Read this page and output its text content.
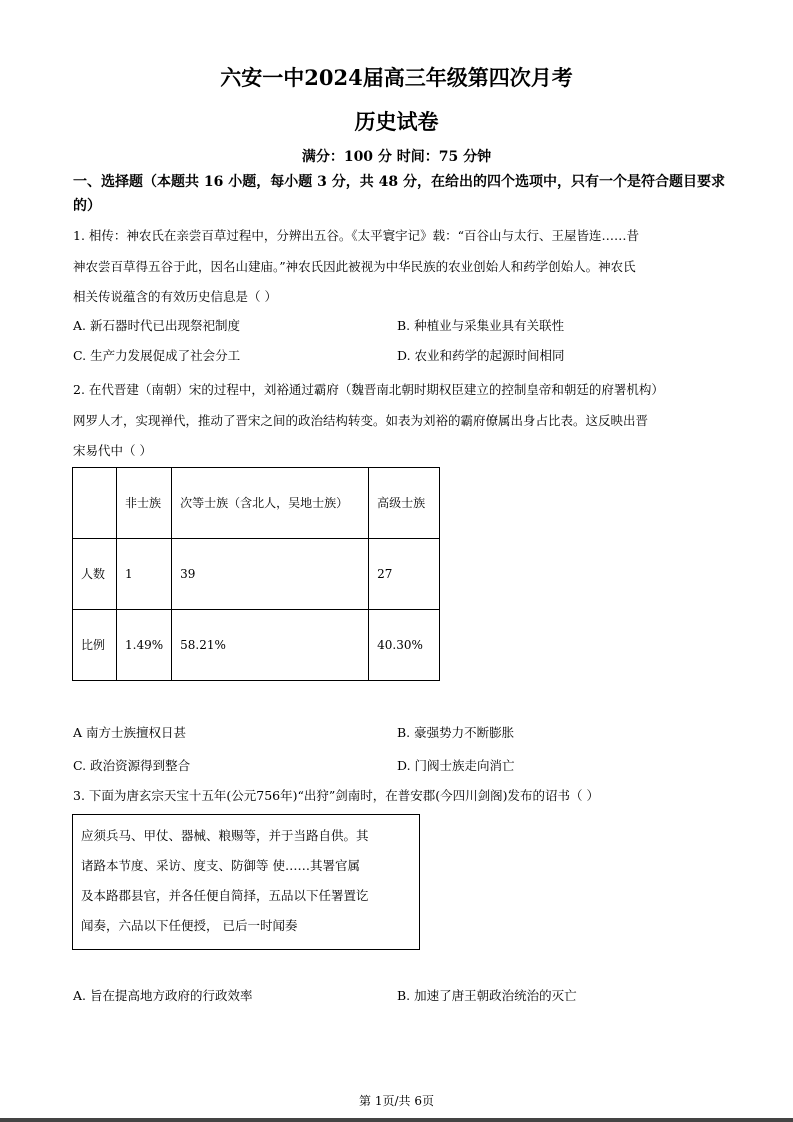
六安一中2024届高三年级第四次月考
历史试卷
满分：100 分 时间：75 分钟
一、选择题（本题共 16 小题，每小题 3 分，共 48 分，在给出的四个选项中，只有一个是符合题目要求的）
1. 相传：神农氏在亲尝百草过程中，分辨出五谷。《太平寰宇记》载：“百谷山与太行、王屋皆连……昔
神农尝百草得五谷于此，因名山建庙。”神农氏因此被视为中华民族的农业创始人和药学创始人。神农氏
相关传说蕴含的有效历史信息是（ ）
A. 新石器时代已出现祭祀制度	B. 种植业与采集业具有关联性
C. 生产力发展促成了社会分工	D. 农业和药学的起源时间相同
2. 在代晋建（南朝）宋的过程中，刘裕通过霸府（魏晋南北朝时期权臣建立的控制皇帝和朝廷的府署机构）
网罗人才，实现禅代，推动了晋宋之间的政治结构转变。如表为刘裕的霸府僚属出身占比表。这反映出晋
宋易代中（ ）
	非士族	次等士族（含北人，吴地士族）	高级士族
人数	1	39	27
比例	1.49%	58.21%	40.30%
A 南方士族擅权日甚	B. 豪强势力不断膨胀
C. 政治资源得到整合	D. 门阀士族走向消亡
3. 下面为唐玄宗天宝十五年(公元756年)“出狩”剑南时，在普安郡(今四川剑阁)发布的诏书（ ）
应须兵马、甲仗、器械、粮赐等，并于当路自供。其
诸路本节度、采访、度支、防御等 使……其署官属
及本路郡县官，并各任便自简择，五品以下任署置讫
闻奏，六品以下任便授， 已后一时闻奏
A. 旨在提高地方政府的行政效率	B. 加速了唐王朝政治统治的灭亡
第 1页/共 6页
